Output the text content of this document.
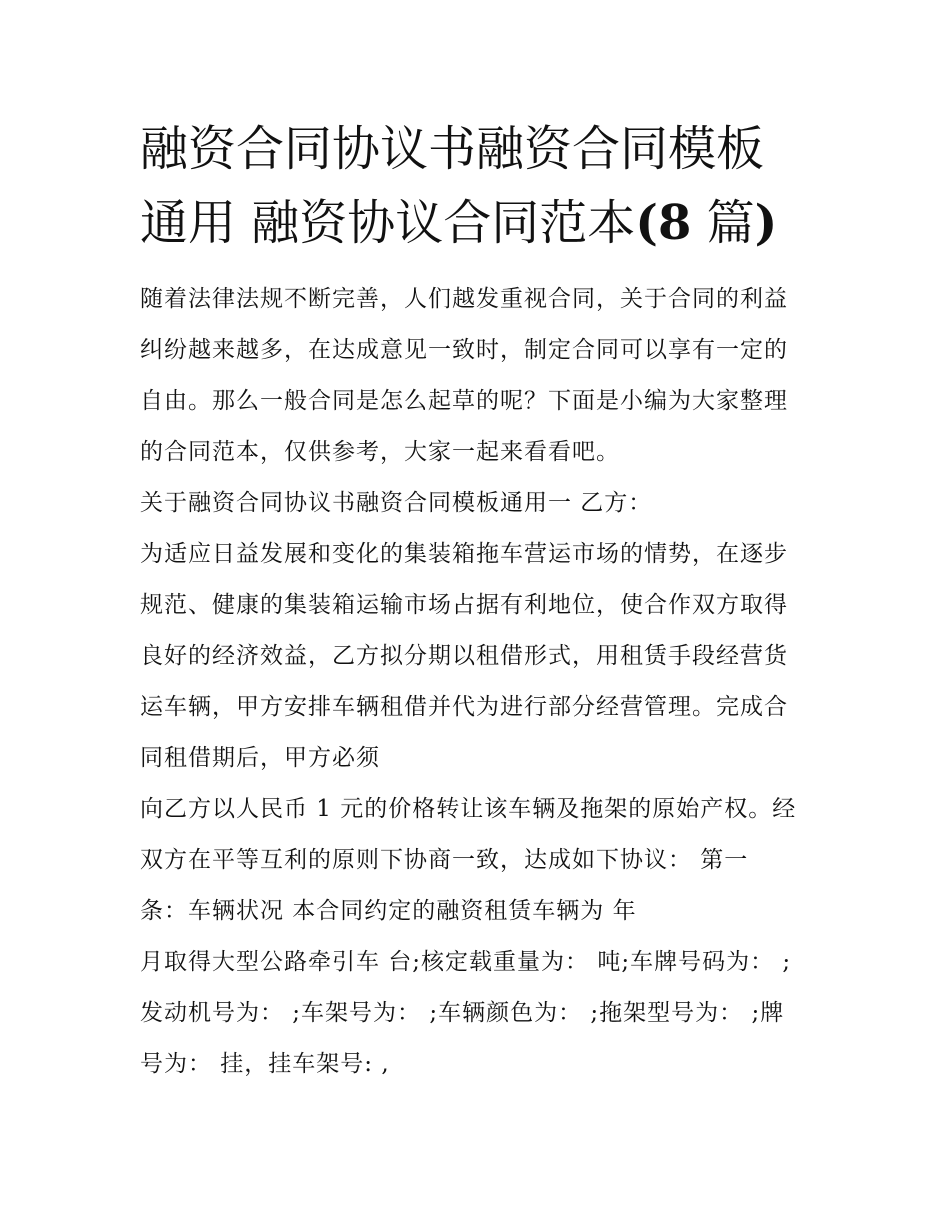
融资合同协议书融资合同模板
通用 融资协议合同范本(8 篇)
随着法律法规不断完善，人们越发重视合同，关于合同的利益
纠纷越来越多，在达成意见一致时，制定合同可以享有一定的
自由。那么一般合同是怎么起草的呢？下面是小编为大家整理
的合同范本，仅供参考，大家一起来看看吧。
关于融资合同协议书融资合同模板通用一 乙方：
为适应日益发展和变化的集装箱拖车营运市场的情势，在逐步
规范、健康的集装箱运输市场占据有利地位，使合作双方取得
良好的经济效益，乙方拟分期以租借形式，用租赁手段经营货
运车辆，甲方安排车辆租借并代为进行部分经营管理。完成合
同租借期后，甲方必须
向乙方以人民币 1 元的价格转让该车辆及拖架的原始产权。经
双方在平等互利的原则下协商一致，达成如下协议： 第一
条：车辆状况 本合同约定的融资租赁车辆为 年
月取得大型公路牵引车 台;核定载重量为： 吨;车牌号码为： ;
发动机号为： ;车架号为： ;车辆颜色为： ;拖架型号为： ;牌
号为： 挂，挂车架号: ,
